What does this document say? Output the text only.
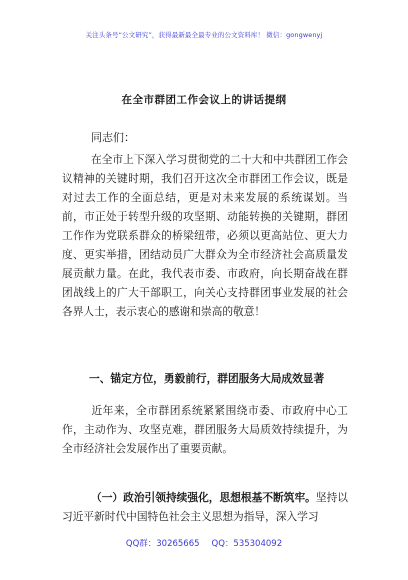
关注头条号“公文研究”，获得最新最全最专业的公文资料库！ 微信：gongwenyj
在全市群团工作会议上的讲话提纲
同志们：
在全市上下深入学习贯彻党的二十大和中共群团工作会议精神的关键时期，我们召开这次全市群团工作会议，既是对过去工作的全面总结，更是对未来发展的系统谋划。当前，市正处于转型升级的攻坚期、动能转换的关键期，群团工作作为党联系群众的桥梁纽带，必须以更高站位、更大力度、更实举措，团结动员广大群众为全市经济社会高质量发展贡献力量。在此，我代表市委、市政府，向长期奋战在群团战线上的广大干部职工，向关心支持群团事业发展的社会各界人士，表示衷心的感谢和崇高的敬意！
一、锚定方位，勇毅前行，群团服务大局成效显著
近年来，全市群团系统紧紧围绕市委、市政府中心工作，主动作为、攻坚克难，群团服务大局质效持续提升，为全市经济社会发展作出了重要贡献。
（一）政治引领持续强化，思想根基不断筑牢。坚持以习近平新时代中国特色社会主义思想为指导，深入学习
QQ群：30265665 QQ：535304092
